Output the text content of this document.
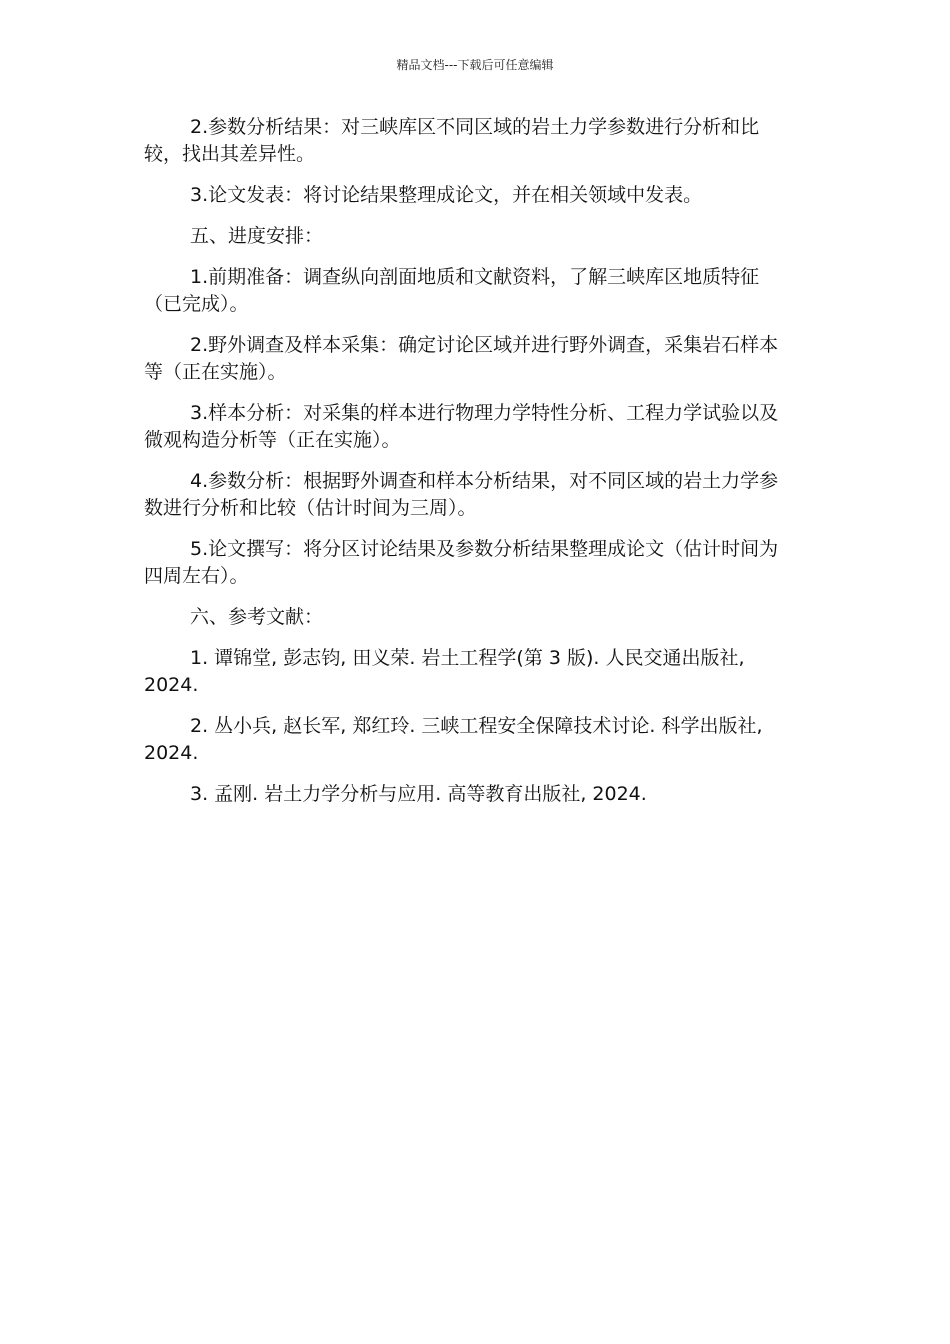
精品文档---下载后可任意编辑

2.参数分析结果：对三峡库区不同区域的岩土力学参数进行分析和比较，找出其差异性。

3.论文发表：将讨论结果整理成论文，并在相关领域中发表。

五、进度安排：

1.前期准备：调查纵向剖面地质和文献资料，了解三峡库区地质特征（已完成）。

2.野外调查及样本采集：确定讨论区域并进行野外调查，采集岩石样本等（正在实施）。

3.样本分析：对采集的样本进行物理力学特性分析、工程力学试验以及微观构造分析等（正在实施）。

4.参数分析：根据野外调查和样本分析结果，对不同区域的岩土力学参数进行分析和比较（估计时间为三周）。

5.论文撰写：将分区讨论结果及参数分析结果整理成论文（估计时间为四周左右）。

六、参考文献：

1. 谭锦堂, 彭志钧, 田义荣. 岩土工程学(第 3 版). 人民交通出版社, 2024.

2. 丛小兵, 赵长军, 郑红玲. 三峡工程安全保障技术讨论. 科学出版社, 2024.

3. 孟刚. 岩土力学分析与应用. 高等教育出版社, 2024.
